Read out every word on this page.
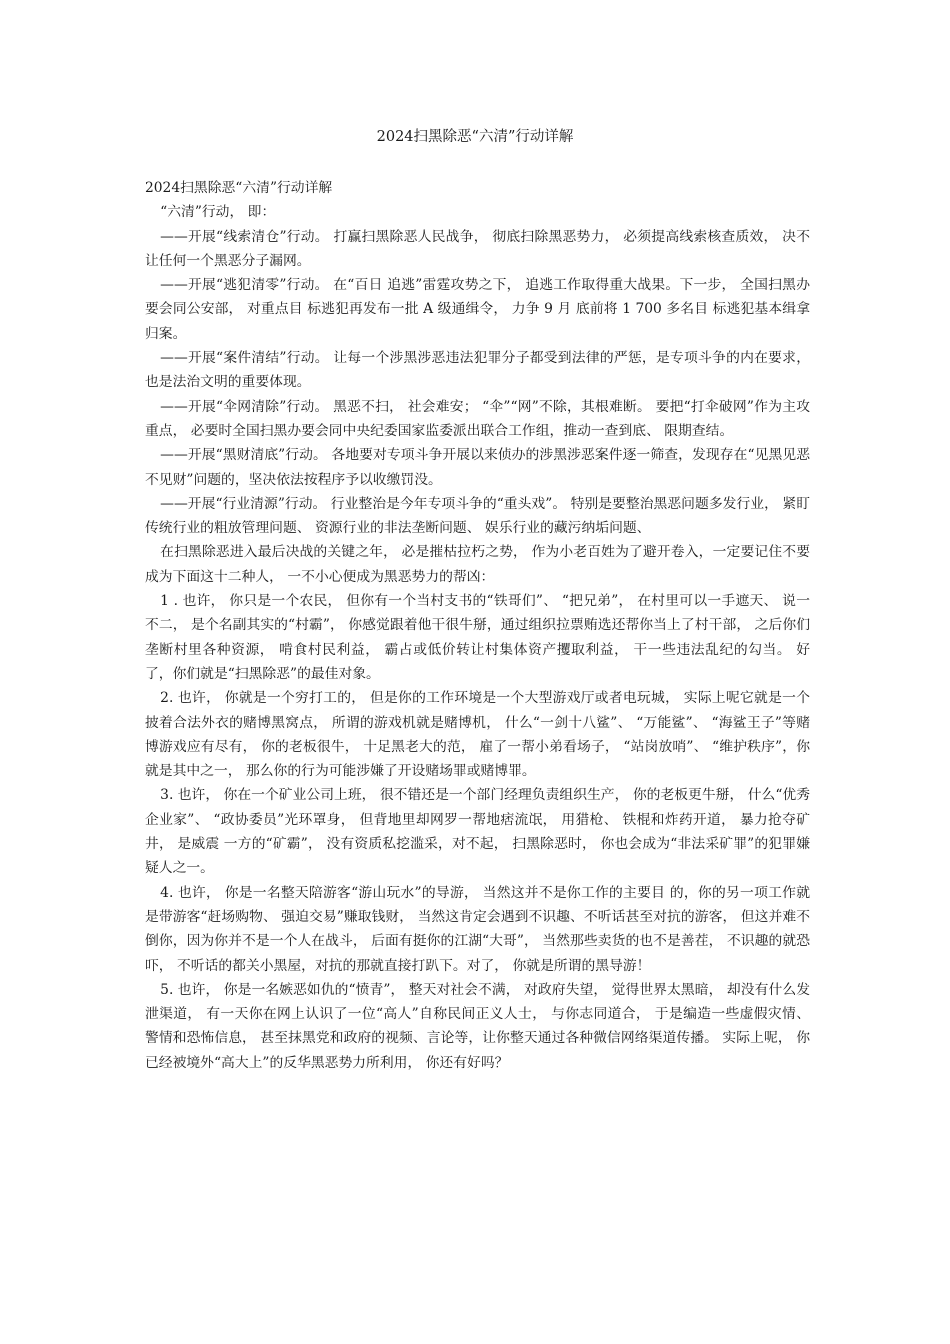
2024扫黑除恶“六清”行动详解

2024扫黑除恶“六清”行动详解

“六清”行动， 即：

——开展“线索清仓”行动。 打赢扫黑除恶人民战争， 彻底扫除黑恶势力， 必须提高线索核查质效， 决不让任何一个黑恶分子漏网。

——开展“逃犯清零”行动。 在“百日 追逃”雷霆攻势之下， 追逃工作取得重大战果。下一步， 全国扫黑办要会同公安部， 对重点目 标逃犯再发布一批 A 级通缉令， 力争 9 月 底前将 1 700 多名目 标逃犯基本缉拿归案。

——开展“案件清结”行动。 让每一个涉黑涉恶违法犯罪分子都受到法律的严惩，是专项斗争的内在要求， 也是法治文明的重要体现。

——开展“伞网清除”行动。 黑恶不扫， 社会难安； “伞”“网”不除，其根难断。 要把“打伞破网”作为主攻重点， 必要时全国扫黑办要会同中央纪委国家监委派出联合工作组，推动一查到底、 限期查结。

——开展“黑财清底”行动。 各地要对专项斗争开展以来侦办的涉黑涉恶案件逐一筛查，发现存在“见黑见恶不见财”问题的，坚决依法按程序予以收缴罚没。

——开展“行业清源”行动。 行业整治是今年专项斗争的“重头戏”。 特别是要整治黑恶问题多发行业， 紧盯传统行业的粗放管理问题、 资源行业的非法垄断问题、 娱乐行业的藏污纳垢问题、

在扫黑除恶进入最后决战的关键之年， 必是摧枯拉朽之势， 作为小老百姓为了避开卷入，一定要记住不要成为下面这十二种人， 一不小心便成为黑恶势力的帮凶：

1 . 也许， 你只是一个农民， 但你有一个当村支书的“铁哥们”、 “把兄弟”， 在村里可以一手遮天、 说一不二， 是个名副其实的“村霸”， 你感觉跟着他干很牛掰，通过组织拉票贿选还帮你当上了村干部， 之后你们垄断村里各种资源， 啃食村民利益， 霸占或低价转让村集体资产攫取利益， 干一些违法乱纪的勾当。 好了，你们就是“扫黑除恶”的最佳对象。

2. 也许， 你就是一个穷打工的， 但是你的工作环境是一个大型游戏厅或者电玩城， 实际上呢它就是一个披着合法外衣的赌博黑窝点， 所谓的游戏机就是赌博机， 什么“一剑十八鲨”、 “万能鲨”、 “海鲨王子”等赌博游戏应有尽有， 你的老板很牛， 十足黑老大的范， 雇了一帮小弟看场子， “站岗放哨”、 “维护秩序”，你就是其中之一， 那么你的行为可能涉嫌了开设赌场罪或赌博罪。

3. 也许， 你在一个矿业公司上班， 很不错还是一个部门经理负责组织生产， 你的老板更牛掰， 什么“优秀企业家”、 “政协委员”光环罩身， 但背地里却网罗一帮地痞流氓， 用猎枪、 铁棍和炸药开道， 暴力抢夺矿井， 是威震 一方的“矿霸”， 没有资质私挖滥采，对不起， 扫黑除恶时， 你也会成为“非法采矿罪”的犯罪嫌疑人之一。

4. 也许， 你是一名整天陪游客“游山玩水”的导游， 当然这并不是你工作的主要目 的，你的另一项工作就是带游客“赶场购物、 强迫交易”赚取钱财， 当然这肯定会遇到不识趣、不听话甚至对抗的游客， 但这并难不倒你，因为你并不是一个人在战斗， 后面有挺你的江湖“大哥”， 当然那些卖货的也不是善茬， 不识趣的就恐吓， 不听话的都关小黑屋，对抗的那就直接打趴下。对了， 你就是所谓的黑导游！

5. 也许， 你是一名嫉恶如仇的“愤青”， 整天对社会不满， 对政府失望， 觉得世界太黑暗， 却没有什么发泄渠道， 有一天你在网上认识了一位“高人”自称民间正义人士， 与你志同道合， 于是编造一些虚假灾情、 警情和恐怖信息， 甚至抹黑党和政府的视频、言论等，让你整天通过各种微信网络渠道传播。 实际上呢， 你已经被境外“高大上”的反华黑恶势力所利用， 你还有好吗？
